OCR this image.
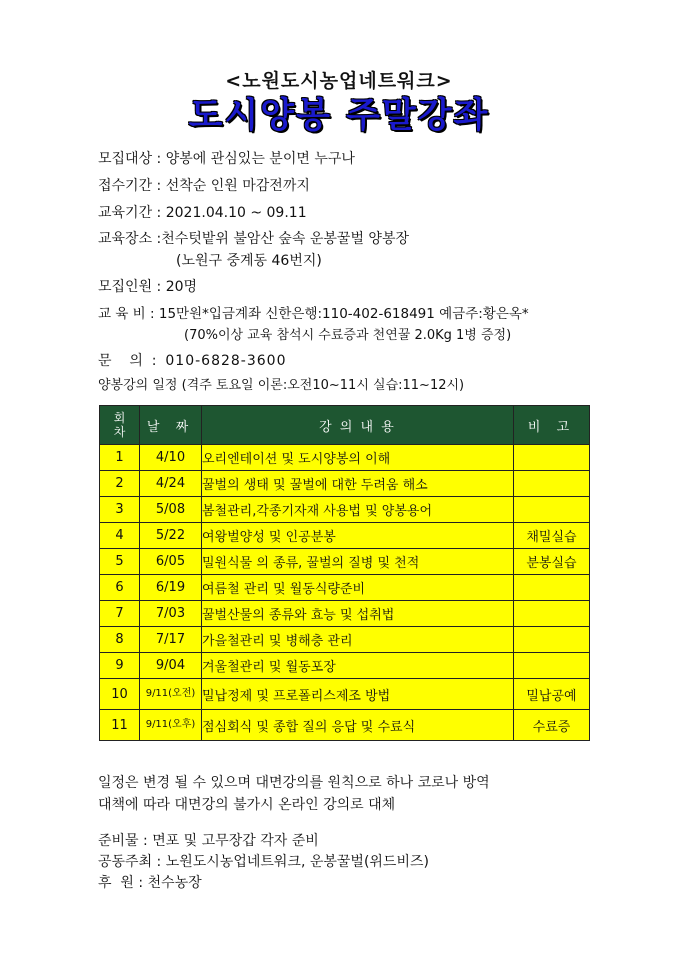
<노원도시농업네트워크>
도시양봉 주말강좌
모집대상 : 양봉에 관심있는 분이면 누구나
접수기간 : 선착순 인원 마감전까지
교육기간 : 2021.04.10 ~ 09.11
교육장소 :천수텃밭위 불암산 숲속 운봉꿀벌 양봉장
(노원구 중계동 46번지)
모집인원 : 20명
교 육 비 : 15만원*입금계좌 신한은행:110-402-618491 예금주:황은옥*
(70%이상 교육 참석시 수료증과 천연꿀 2.0Kg 1병 증정)
문    의  :  010-6828-3600
양봉강의 일정 (격주 토요일 이론:오전10~11시 실습:11~12시)
회차	날 짜	강 의 내 용	비 고
1	4/10	오리엔테이션 및 도시양봉의 이해	
2	4/24	꿀벌의 생태 및 꿀벌에 대한 두려움 해소	
3	5/08	봄철관리,각종기자재 사용법 및 양봉용어	
4	5/22	여왕벌양성 및 인공분봉	채밀실습
5	6/05	밀원식물 의 종류, 꿀벌의 질병 및 천적	분봉실습
6	6/19	여름철 관리 및 월동식량준비	
7	7/03	꿀벌산물의 종류와 효능 및 섭취법	
8	7/17	가을철관리 및 병해충 관리	
9	9/04	겨울철관리 및 월동포장	
10	9/11(오전)	밀납정제 및 프로폴리스제조 방법	밀납공예
11	9/11(오후)	점심회식 및 종합 질의 응답 및 수료식	수료증
일정은 변경 될 수 있으며 대면강의를 원칙으로 하나 코로나 방역
대책에 따라 대면강의 불가시 온라인 강의로 대체
준비물 : 면포 및 고무장갑 각자 준비
공동주최 : 노원도시농업네트워크, 운봉꿀벌(위드비즈)
후  원 : 천수농장
